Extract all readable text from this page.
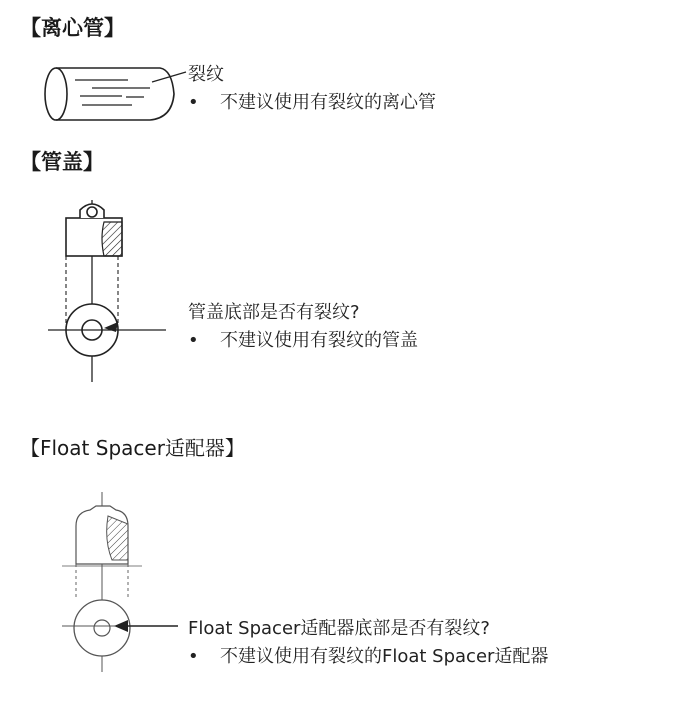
【离心管】
裂纹
• 不建议使用有裂纹的离心管
【管盖】
管盖底部是否有裂纹?
• 不建议使用有裂纹的管盖
【Float Spacer适配器】
Float Spacer适配器底部是否有裂纹?
• 不建议使用有裂纹的Float Spacer适配器
